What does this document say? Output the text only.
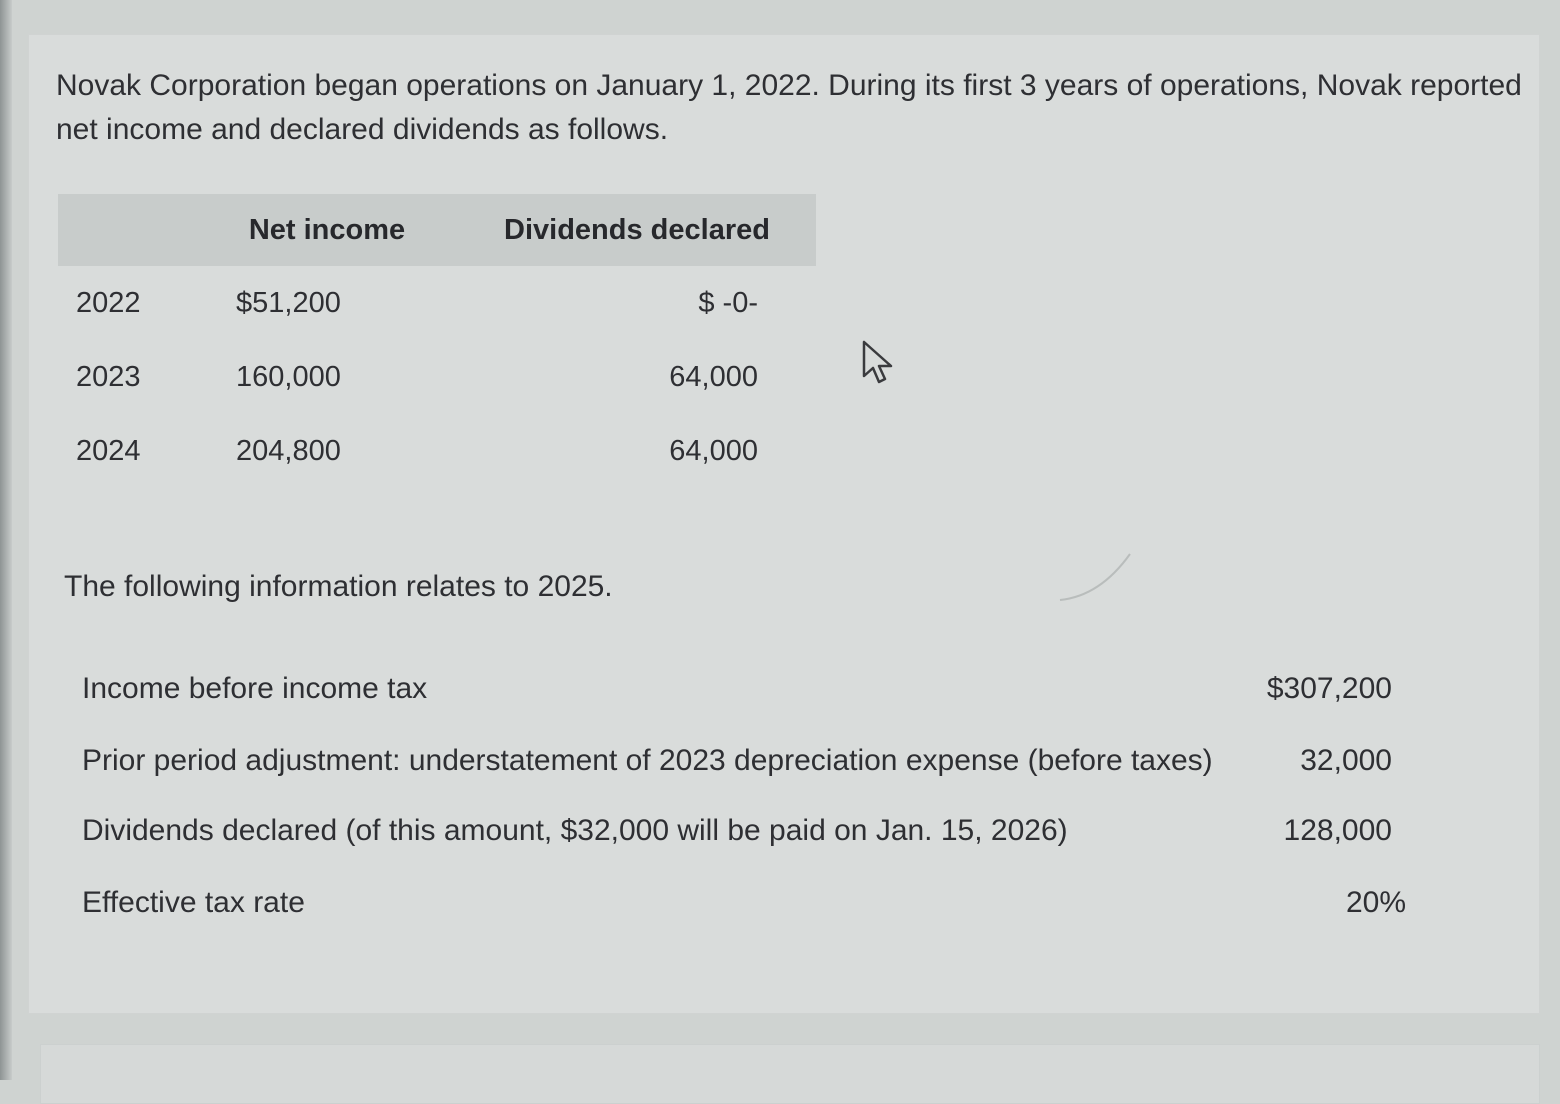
Novak Corporation began operations on January 1, 2022. During its first 3 years of operations, Novak reported net income and declared dividends as follows.

	Net income	Dividends declared
2022	$51,200	$ -0-
2023	160,000	64,000
2024	204,800	64,000

The following information relates to 2025.

Income before income tax	$307,200
Prior period adjustment: understatement of 2023 depreciation expense (before taxes)	32,000
Dividends declared (of this amount, $32,000 will be paid on Jan. 15, 2026)	128,000
Effective tax rate	20%
